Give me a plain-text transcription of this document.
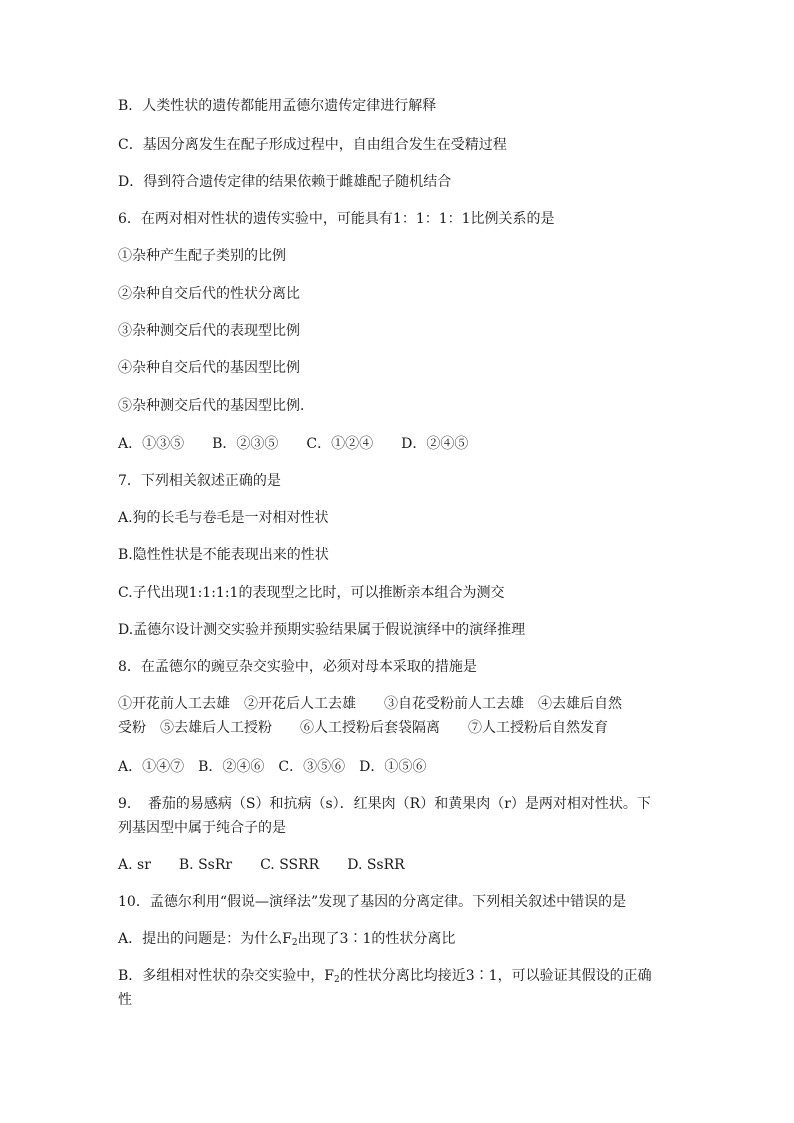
B．人类性状的遗传都能用孟德尔遗传定律进行解释
C．基因分离发生在配子形成过程中，自由组合发生在受精过程
D．得到符合遗传定律的结果依赖于雌雄配子随机结合
6．在两对相对性状的遗传实验中，可能具有1：1：1：1比例关系的是
①杂种产生配子类别的比例
②杂种自交后代的性状分离比
③杂种测交后代的表现型比例
④杂种自交后代的基因型比例
⑤杂种测交后代的基因型比例．
A．①③⑤　　B．②③⑤　　C．①②④　　D．②④⑤
7．下列相关叙述正确的是
A.狗的长毛与卷毛是一对相对性状
B.隐性性状是不能表现出来的性状
C.子代出现1:1:1:1的表现型之比时，可以推断亲本组合为测交
D.孟德尔设计测交实验并预期实验结果属于假说演绎中的演绎推理
8．在孟德尔的豌豆杂交实验中，必须对母本采取的措施是
①开花前人工去雄　②开花后人工去雄　　③自花受粉前人工去雄　④去雄后自然
受粉　⑤去雄后人工授粉　　⑥人工授粉后套袋隔离　　⑦人工授粉后自然发育
A．①④⑦　B．②④⑥　C．③⑤⑥　D．①⑤⑥
9．　番茄的易感病（S）和抗病（s）．红果肉（R）和黄果肉（r）是两对相对性状。下
列基因型中属于纯合子的是
A. sr　　B. SsRr　　C. SSRR　　D. SsRR
10．孟德尔利用“假说—演绎法”发现了基因的分离定律。下列相关叙述中错误的是
A．提出的问题是：为什么$F_2$出现了3∶1的性状分离比
B．多组相对性状的杂交实验中，$F_2$的性状分离比均接近3∶1，可以验证其假设的正确
性
